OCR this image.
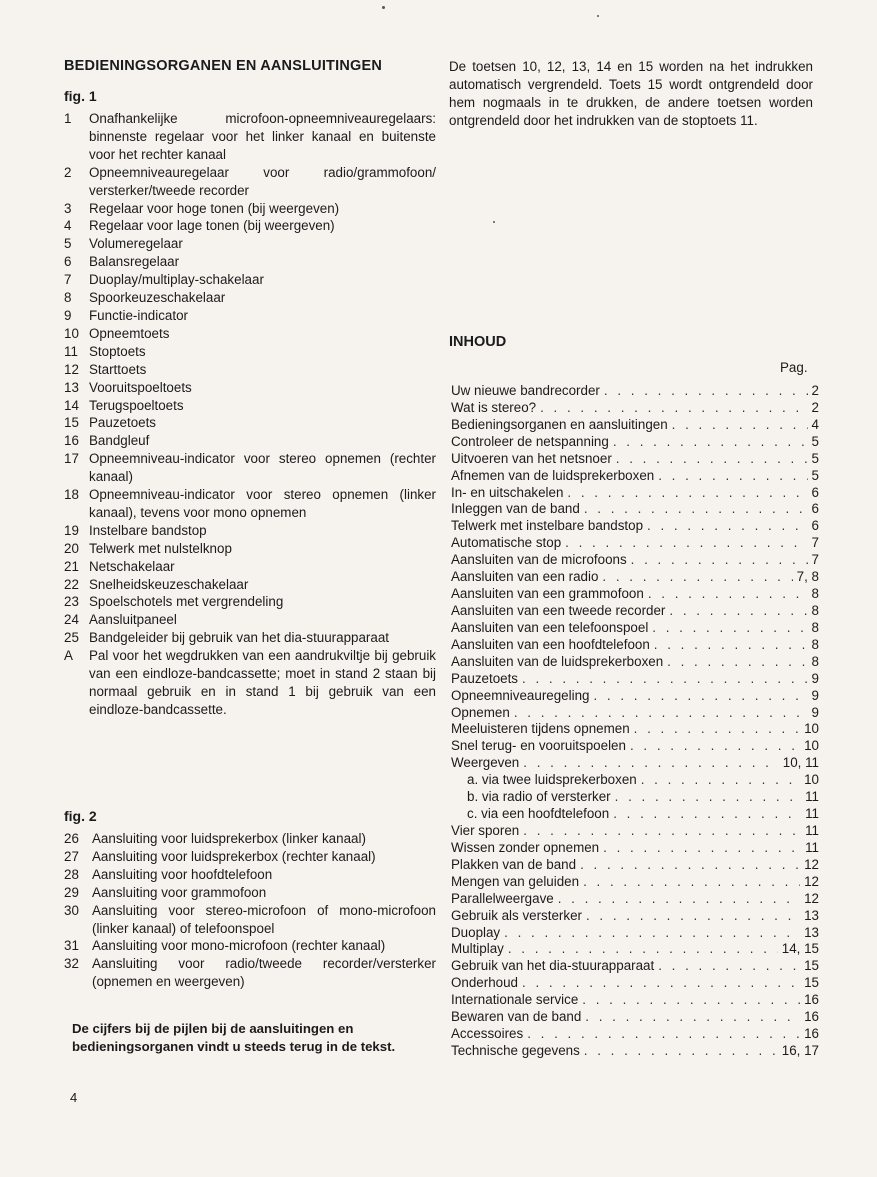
BEDIENINGSORGANEN EN AANSLUITINGEN
fig. 1
1	Onafhankelijke microfoon-opneemniveauregelaars: binnenste regelaar voor het linker kanaal en buitenste voor het rechter kanaal
2	Opneemniveauregelaar voor radio/grammofoon/ versterker/tweede recorder
3	Regelaar voor hoge tonen (bij weergeven)
4	Regelaar voor lage tonen (bij weergeven)
5	Volumeregelaar
6	Balansregelaar
7	Duoplay/multiplay-schakelaar
8	Spoorkeuzeschakelaar
9	Functie-indicator
10 Opneemtoets
11 Stoptoets
12 Starttoets
13 Vooruitspoeltoets
14 Terugspoeltoets
15 Pauzetoets
16 Bandgleuf
17 Opneemniveau-indicator voor stereo opnemen (rechter kanaal)
18 Opneemniveau-indicator voor stereo opnemen (linker kanaal), tevens voor mono opnemen
19 Instelbare bandstop
20 Telwerk met nulstelknop
21 Netschakelaar
22 Snelheidskeuzeschakelaar
23 Spoelschotels met vergrendeling
24 Aansluitpaneel
25 Bandgeleider bij gebruik van het dia-stuurapparaat
A	Pal voor het wegdrukken van een aandrukviltje bij gebruik van een eindloze-bandcassette; moet in stand 2 staan bij normaal gebruik en in stand 1 bij gebruik van een eindloze-bandcassette.
fig. 2
26 Aansluiting voor luidsprekerbox (linker kanaal)
27 Aansluiting voor luidsprekerbox (rechter kanaal)
28 Aansluiting voor hoofdtelefoon
29 Aansluiting voor grammofoon
30 Aansluiting voor stereo-microfoon of mono-microfoon (linker kanaal) of telefoonspoel
31 Aansluiting voor mono-microfoon (rechter kanaal)
32 Aansluiting voor radio/tweede recorder/versterker (opnemen en weergeven)
De cijfers bij de pijlen bij de aansluitingen en bedieningsorganen vindt u steeds terug in de tekst.
4
De toetsen 10, 12, 13, 14 en 15 worden na het indrukken automatisch vergrendeld. Toets 15 wordt ontgrendeld door hem nogmaals in te drukken, de andere toetsen worden ontgrendeld door het indrukken van de stoptoets 11.
INHOUD
Pag.
Uw nieuwe bandrecorder . . .	2
Wat is stereo? . . .	2
Bedieningsorganen en aansluitingen . . .	4
Controleer de netspanning . . .	5
Uitvoeren van het netsnoer . . .	5
Afnemen van de luidsprekerboxen . . .	5
In- en uitschakelen . . .	6
Inleggen van de band . . .	6
Telwerk met instelbare bandstop . . .	6
Automatische stop . . .	7
Aansluiten van de microfoons . . .	7
Aansluiten van een radio . . .	7, 8
Aansluiten van een grammofoon . . .	8
Aansluiten van een tweede recorder . . .	8
Aansluiten van een telefoonspoel . . .	8
Aansluiten van een hoofdtelefoon . . .	8
Aansluiten van de luidsprekerboxen . . .	8
Pauzetoets . . .	9
Opneemniveauregeling . . .	9
Opnemen . . .	9
Meeluisteren tijdens opnemen . . .	10
Snel terug- en vooruitspoelen . . .	10
Weergeven . . .	10, 11
a. via twee luidsprekerboxen . . .	10
b. via radio of versterker . . .	11
c. via een hoofdtelefoon . . .	11
Vier sporen . . .	11
Wissen zonder opnemen . . .	11
Plakken van de band . . .	12
Mengen van geluiden . . .	12
Parallelweergave . . .	12
Gebruik als versterker . . .	13
Duoplay . . .	13
Multiplay . . .	14, 15
Gebruik van het dia-stuurapparaat . . .	15
Onderhoud . . .	15
Internationale service . . .	16
Bewaren van de band . . .	16
Accessoires . . .	16
Technische gegevens . . .	16, 17
